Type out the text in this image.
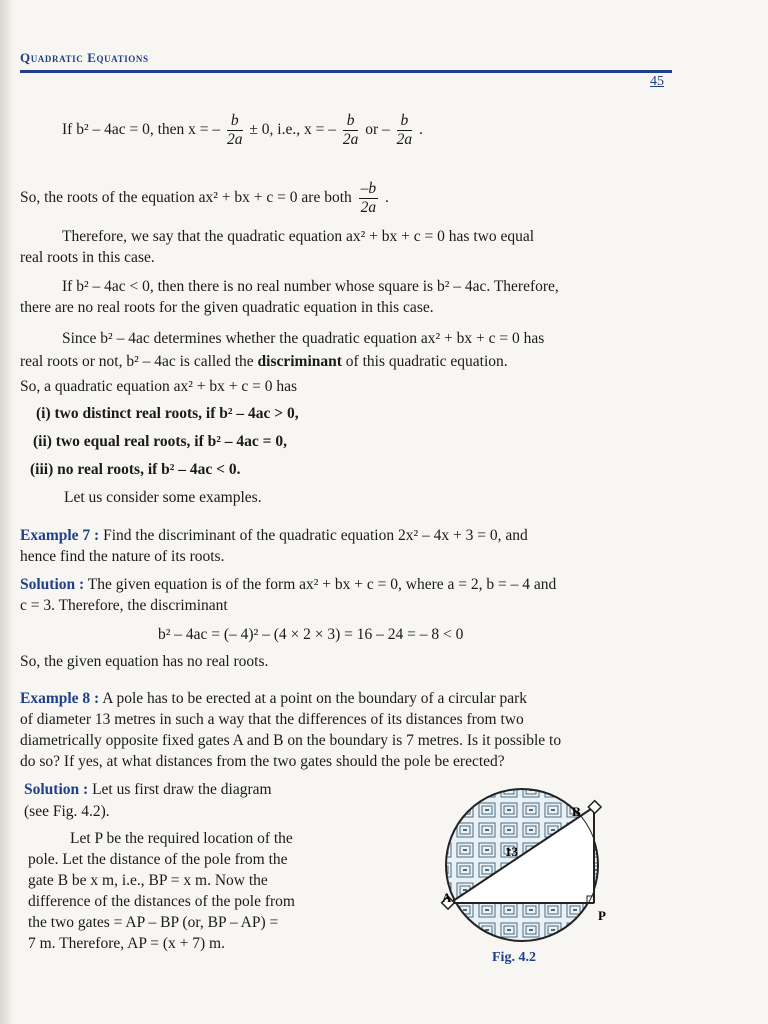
Quadratic Equations
45
If b² – 4ac = 0, then x = – $\frac{b}{2a} \pm 0$, i.e., x = – $\frac{b}{2a}$ or – $\frac{b}{2a}$ .
So, the roots of the equation ax² + bx + c = 0 are both $\frac{-b}{2a}$ .
Therefore, we say that the quadratic equation ax² + bx + c = 0 has two equal
real roots in this case.
If b² – 4ac < 0, then there is no real number whose square is b² – 4ac. Therefore,
there are no real roots for the given quadratic equation in this case.
Since b² – 4ac determines whether the quadratic equation ax² + bx + c = 0 has
real roots or not, b² – 4ac is called the discriminant of this quadratic equation.
So, a quadratic equation ax² + bx + c = 0 has
(i) two distinct real roots, if b² – 4ac > 0,
(ii) two equal real roots, if b² – 4ac = 0,
(iii) no real roots, if b² – 4ac < 0.
Let us consider some examples.
Example 7 : Find the discriminant of the quadratic equation 2x² – 4x + 3 = 0, and
hence find the nature of its roots.
Solution : The given equation is of the form ax² + bx + c = 0, where a = 2, b = – 4 and
c = 3. Therefore, the discriminant
b² – 4ac = (– 4)² – (4 × 2 × 3) = 16 – 24 = – 8 < 0
So, the given equation has no real roots.
Example 8 : A pole has to be erected at a point on the boundary of a circular park
of diameter 13 metres in such a way that the differences of its distances from two
diametrically opposite fixed gates A and B on the boundary is 7 metres. Is it possible to
do so? If yes, at what distances from the two gates should the pole be erected?
Solution : Let us first draw the diagram
(see Fig. 4.2).
Let P be the required location of the
pole. Let the distance of the pole from the
gate B be x m, i.e., BP = x m. Now the
difference of the distances of the pole from
the two gates = AP – BP (or, BP – AP) =
7 m. Therefore, AP = (x + 7) m.
A
B
P
13
Fig. 4.2
